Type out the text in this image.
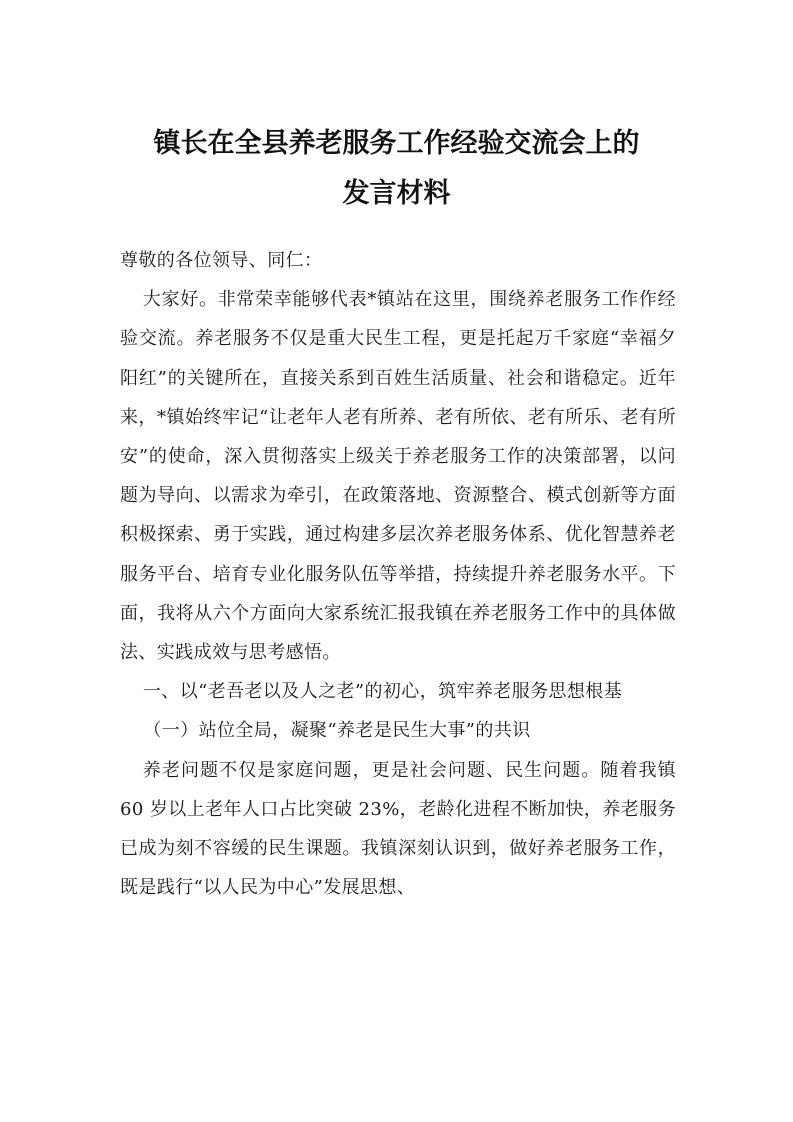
镇长在全县养老服务工作经验交流会上的
发言材料

尊敬的各位领导、同仁：

大家好。非常荣幸能够代表*镇站在这里，围绕养老服务工作作经验交流。养老服务不仅是重大民生工程，更是托起万千家庭“幸福夕阳红”的关键所在，直接关系到百姓生活质量、社会和谐稳定。近年来，*镇始终牢记“让老年人老有所养、老有所依、老有所乐、老有所安”的使命，深入贯彻落实上级关于养老服务工作的决策部署，以问题为导向、以需求为牵引，在政策落地、资源整合、模式创新等方面积极探索、勇于实践，通过构建多层次养老服务体系、优化智慧养老服务平台、培育专业化服务队伍等举措，持续提升养老服务水平。下面，我将从六个方面向大家系统汇报我镇在养老服务工作中的具体做法、实践成效与思考感悟。

一、以“老吾老以及人之老”的初心，筑牢养老服务思想根基

（一）站位全局，凝聚“养老是民生大事”的共识

养老问题不仅是家庭问题，更是社会问题、民生问题。随着我镇 60 岁以上老年人口占比突破 23%，老龄化进程不断加快，养老服务已成为刻不容缓的民生课题。我镇深刻认识到，做好养老服务工作，既是践行“以人民为中心”发展思想、
